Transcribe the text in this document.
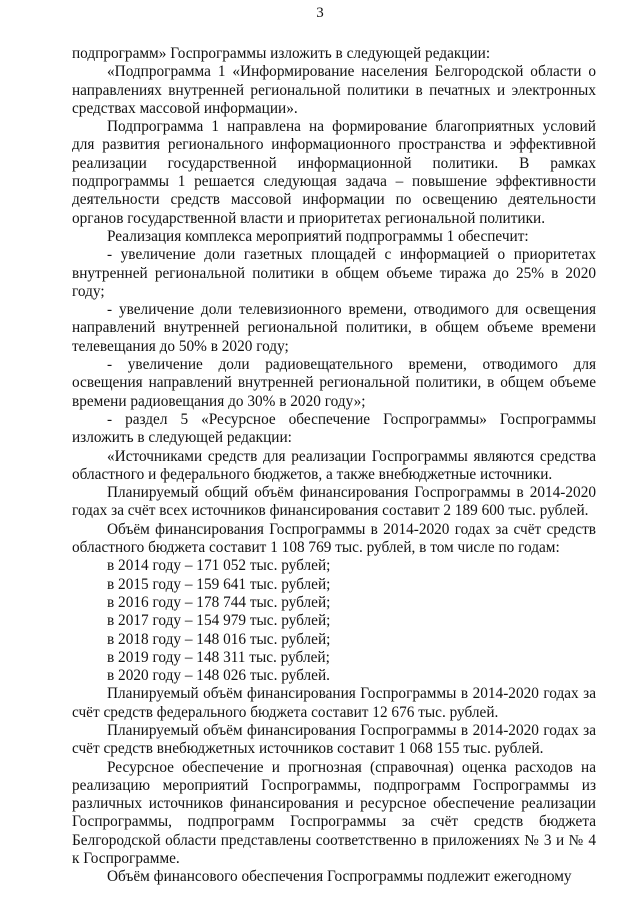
3

подпрограмм» Госпрограммы изложить в следующей редакции:

«Подпрограмма 1 «Информирование населения Белгородской области о направлениях внутренней региональной политики в печатных и электронных средствах массовой информации».

Подпрограмма 1 направлена на формирование благоприятных условий для развития регионального информационного пространства и эффективной реализации государственной информационной политики. В рамках подпрограммы 1 решается следующая задача – повышение эффективности деятельности средств массовой информации по освещению деятельности органов государственной власти и приоритетах региональной политики.

Реализация комплекса мероприятий подпрограммы 1 обеспечит:

- увеличение доли газетных площадей с информацией о приоритетах внутренней региональной политики в общем объеме тиража до 25% в 2020 году;

- увеличение доли телевизионного времени, отводимого для освещения направлений внутренней региональной политики, в общем объеме времени телевещания до 50% в 2020 году;

- увеличение доли радиовещательного времени, отводимого для освещения направлений внутренней региональной политики, в общем объеме времени радиовещания до 30% в 2020 году»;

- раздел 5 «Ресурсное обеспечение Госпрограммы» Госпрограммы изложить в следующей редакции:

«Источниками средств для реализации Госпрограммы являются средства областного и федерального бюджетов, а также внебюджетные источники.

Планируемый общий объём финансирования Госпрограммы в 2014-2020 годах за счёт всех источников финансирования составит 2 189 600 тыс. рублей.

Объём финансирования Госпрограммы в 2014-2020 годах за счёт средств областного бюджета составит 1 108 769 тыс. рублей, в том числе по годам:

в 2014 году – 171 052 тыс. рублей;
в 2015 году – 159 641 тыс. рублей;
в 2016 году – 178 744 тыс. рублей;
в 2017 году – 154 979 тыс. рублей;
в 2018 году – 148 016 тыс. рублей;
в 2019 году – 148 311 тыс. рублей;
в 2020 году – 148 026 тыс. рублей.

Планируемый объём финансирования Госпрограммы в 2014-2020 годах за счёт средств федерального бюджета составит 12 676 тыс. рублей.

Планируемый объём финансирования Госпрограммы в 2014-2020 годах за счёт средств внебюджетных источников составит 1 068 155 тыс. рублей.

Ресурсное обеспечение и прогнозная (справочная) оценка расходов на реализацию мероприятий Госпрограммы, подпрограмм Госпрограммы из различных источников финансирования и ресурсное обеспечение реализации Госпрограммы, подпрограмм Госпрограммы за счёт средств бюджета Белгородской области представлены соответственно в приложениях № 3 и № 4 к Госпрограмме.

Объём финансового обеспечения Госпрограммы подлежит ежегодному
